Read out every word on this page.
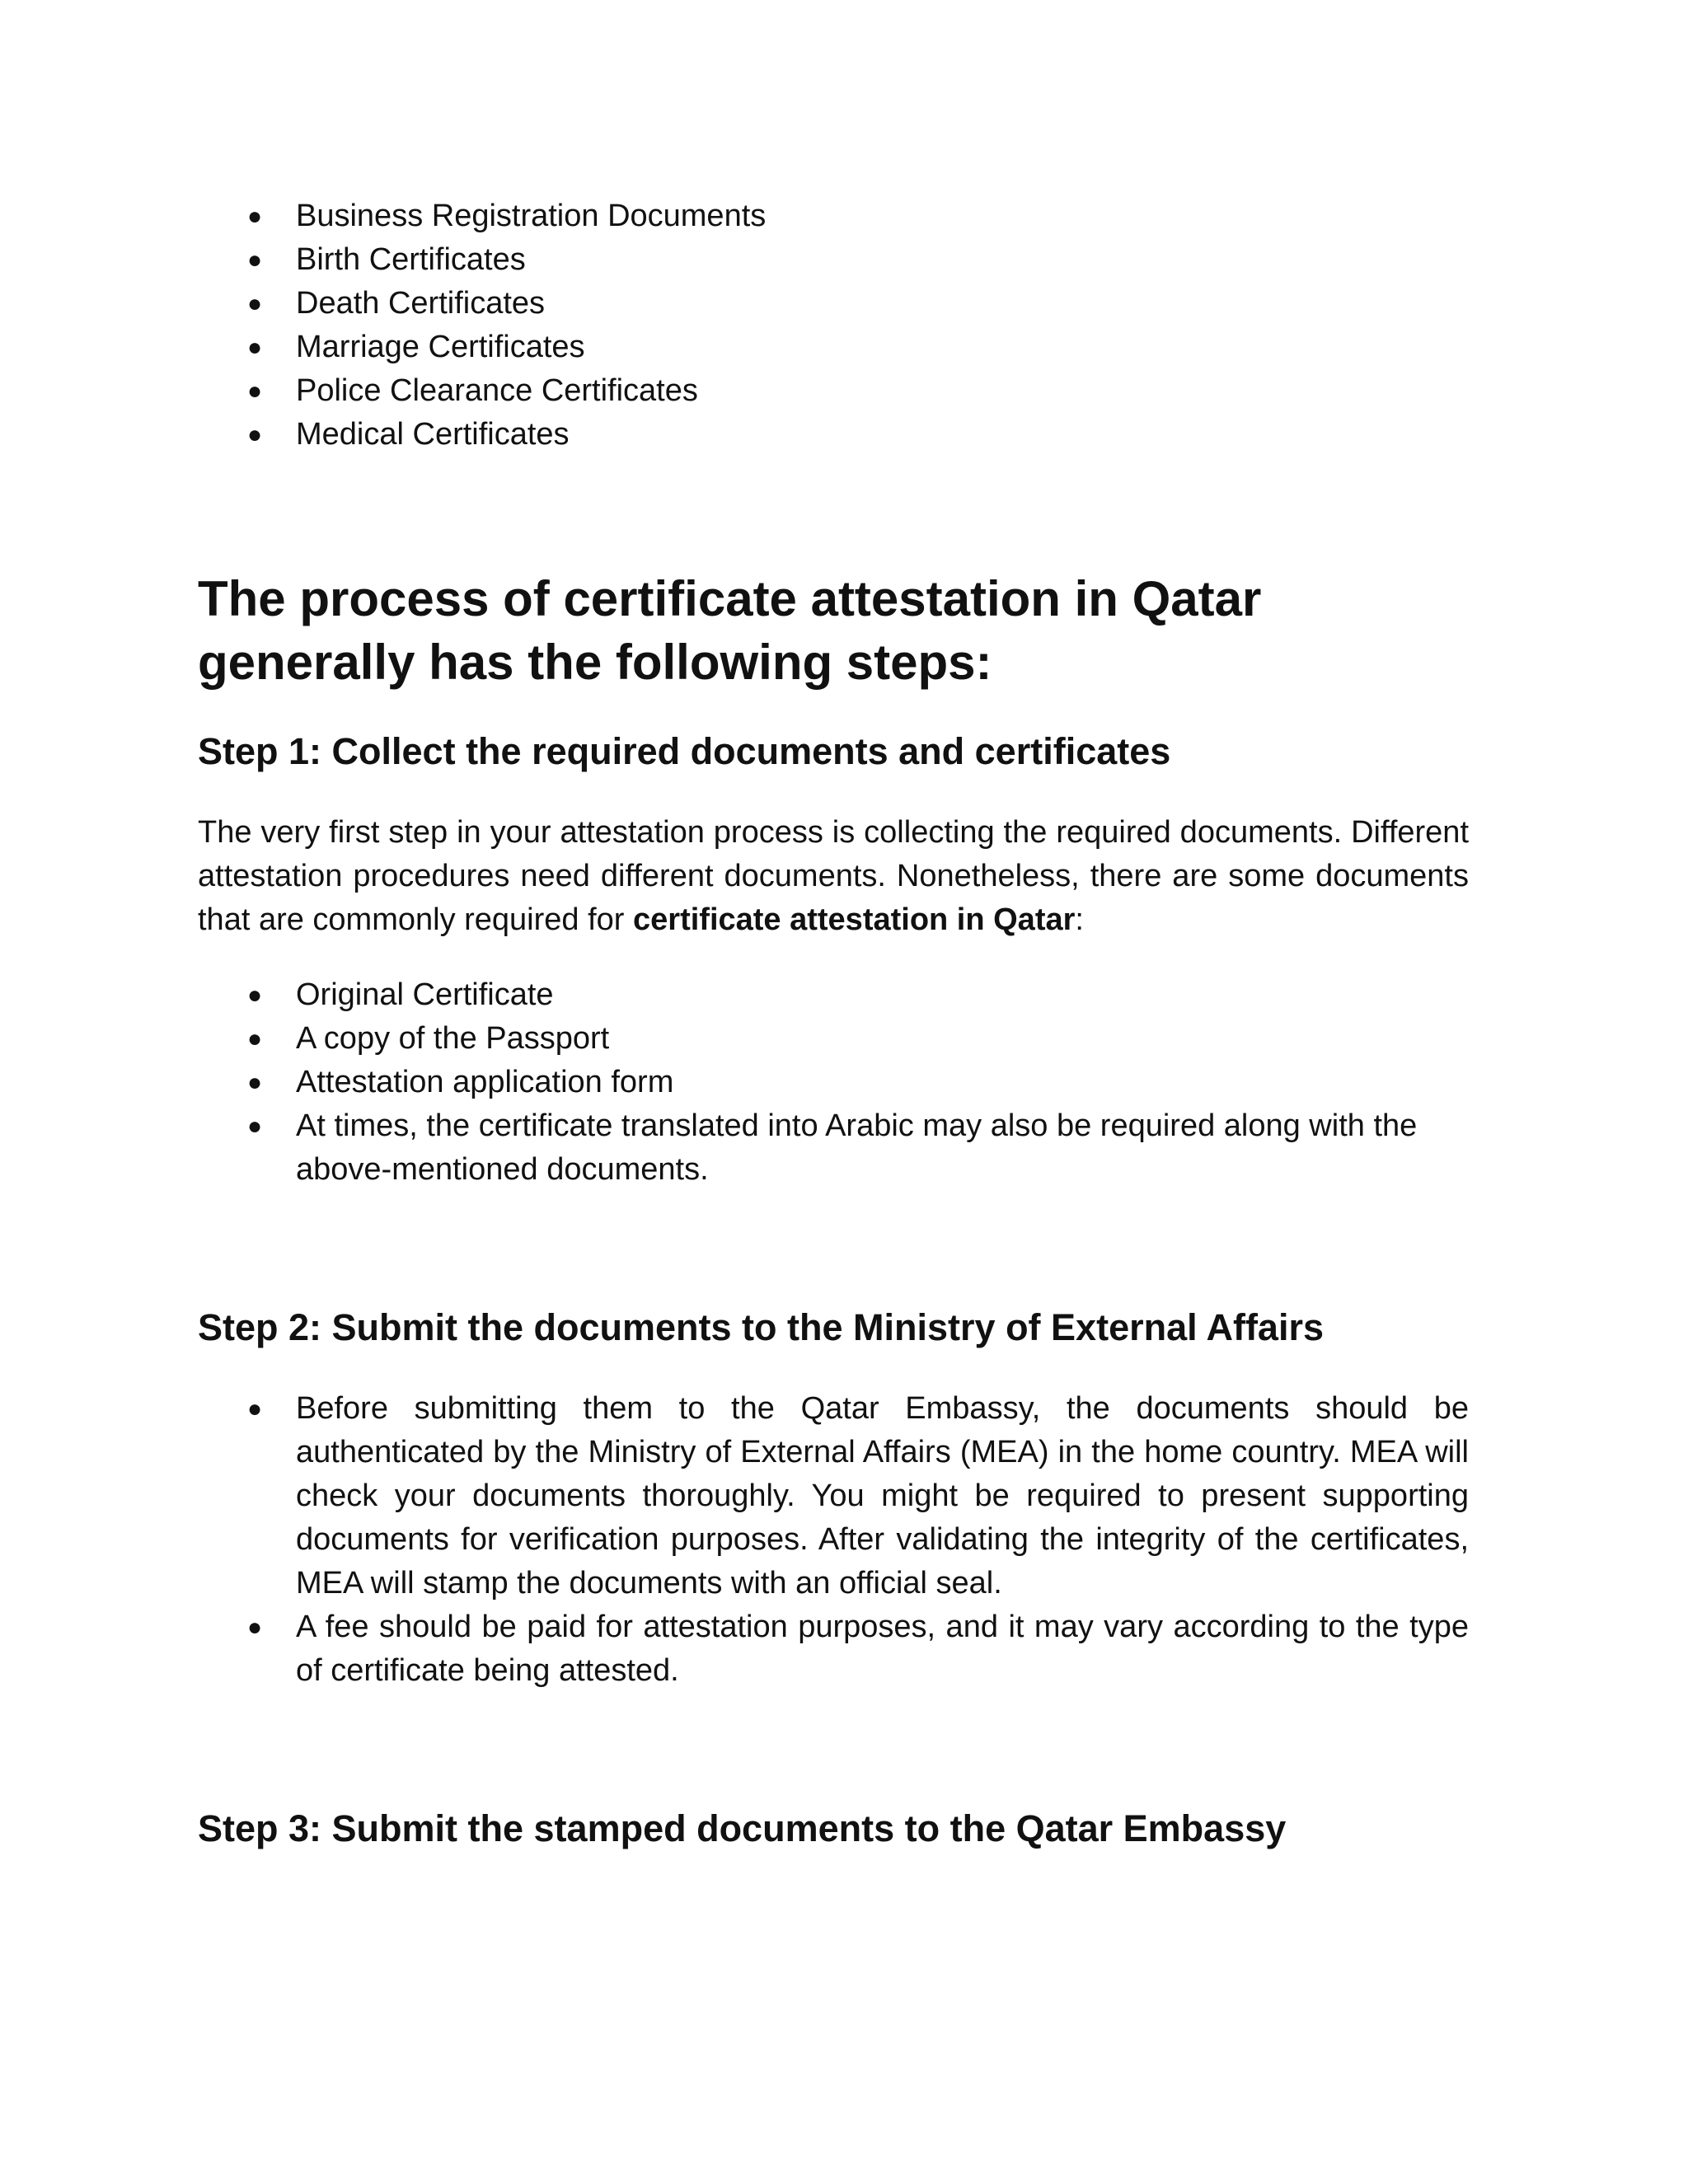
● Business Registration Documents
● Birth Certificates
● Death Certificates
● Marriage Certificates
● Police Clearance Certificates
● Medical Certificates
The process of certificate attestation in Qatar generally has the following steps:
Step 1: Collect the required documents and certificates

The very first step in your attestation process is collecting the required documents. Different attestation procedures need different documents. Nonetheless, there are some documents that are commonly required for certificate attestation in Qatar:

● Original Certificate
● A copy of the Passport
● Attestation application form
● At times, the certificate translated into Arabic may also be required along with the above-mentioned documents.
Step 2: Submit the documents to the Ministry of External Affairs
● Before submitting them to the Qatar Embassy, the documents should be authenticated by the Ministry of External Affairs (MEA) in the home country. MEA will check your documents thoroughly. You might be required to present supporting documents for verification purposes. After validating the integrity of the certificates, MEA will stamp the documents with an official seal.
● A fee should be paid for attestation purposes, and it may vary according to the type of certificate being attested.
Step 3: Submit the stamped documents to the Qatar Embassy
